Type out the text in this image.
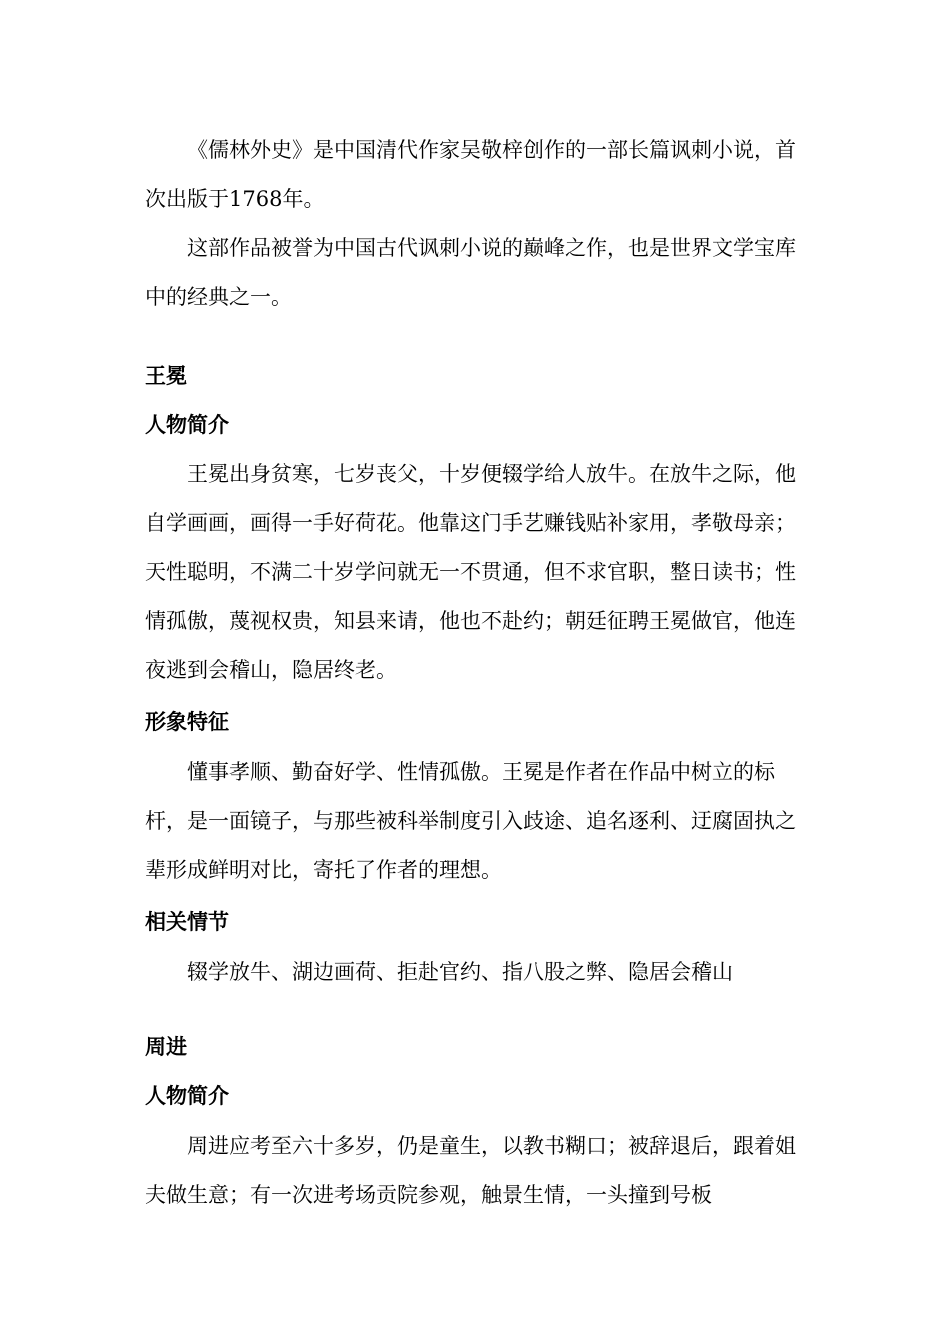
《儒林外史》是中国清代作家吴敬梓创作的一部长篇讽刺小说，首次出版于1768年。
这部作品被誉为中国古代讽刺小说的巅峰之作，也是世界文学宝库中的经典之一。
王冕
人物简介
王冕出身贫寒，七岁丧父，十岁便辍学给人放牛。在放牛之际，他自学画画，画得一手好荷花。他靠这门手艺赚钱贴补家用，孝敬母亲；天性聪明，不满二十岁学问就无一不贯通，但不求官职，整日读书；性情孤傲，蔑视权贵，知县来请，他也不赴约；朝廷征聘王冕做官，他连夜逃到会稽山，隐居终老。
形象特征
懂事孝顺、勤奋好学、性情孤傲。王冕是作者在作品中树立的标杆，是一面镜子，与那些被科举制度引入歧途、追名逐利、迂腐固执之辈形成鲜明对比，寄托了作者的理想。
相关情节
辍学放牛、湖边画荷、拒赴官约、指八股之弊、隐居会稽山
周进
人物简介
周进应考至六十多岁，仍是童生，以教书糊口；被辞退后，跟着姐夫做生意；有一次进考场贡院参观，触景生情，一头撞到号板
